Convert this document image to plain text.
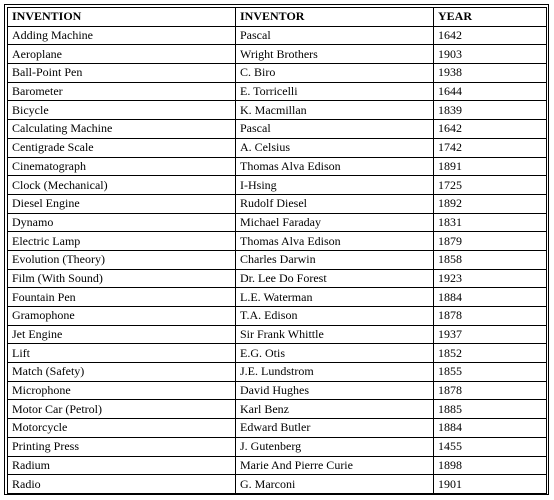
INVENTION	INVENTOR	YEAR
Adding Machine	Pascal	1642
Aeroplane	Wright Brothers	1903
Ball-Point Pen	C. Biro	1938
Barometer	E. Torricelli	1644
Bicycle	K. Macmillan	1839
Calculating Machine	Pascal	1642
Centigrade Scale	A. Celsius	1742
Cinematograph	Thomas Alva Edison	1891
Clock (Mechanical)	I-Hsing	1725
Diesel Engine	Rudolf Diesel	1892
Dynamo	Michael Faraday	1831
Electric Lamp	Thomas Alva Edison	1879
Evolution (Theory)	Charles Darwin	1858
Film (With Sound)	Dr. Lee Do Forest	1923
Fountain Pen	L.E. Waterman	1884
Gramophone	T.A. Edison	1878
Jet Engine	Sir Frank Whittle	1937
Lift	E.G. Otis	1852
Match (Safety)	J.E. Lundstrom	1855
Microphone	David Hughes	1878
Motor Car (Petrol)	Karl Benz	1885
Motorcycle	Edward Butler	1884
Printing Press	J. Gutenberg	1455
Radium	Marie And Pierre Curie	1898
Radio	G. Marconi	1901
